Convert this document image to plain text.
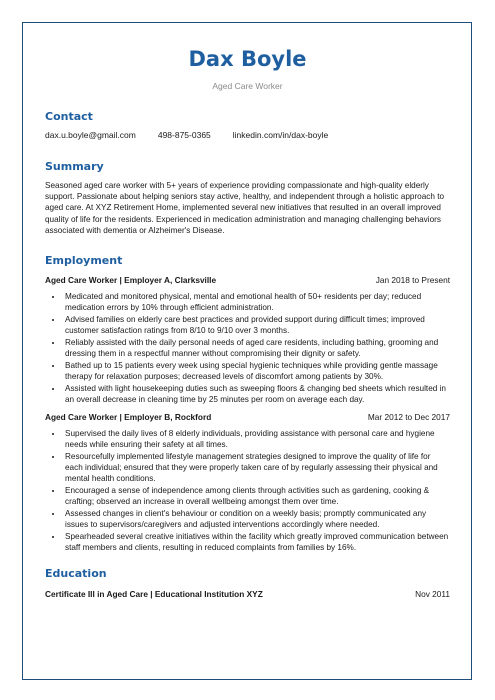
Dax Boyle
Aged Care Worker
Contact
dax.u.boyle@gmail.com	498-875-0365	linkedin.com/in/dax-boyle
Summary
Seasoned aged care worker with 5+ years of experience providing compassionate and high-quality elderly support. Passionate about helping seniors stay active, healthy, and independent through a holistic approach to aged care. At XYZ Retirement Home, implemented several new initiatives that resulted in an overall improved quality of life for the residents. Experienced in medication administration and managing challenging behaviors associated with dementia or Alzheimer's Disease.
Employment
Aged Care Worker | Employer A, Clarksville	Jan 2018 to Present
• Medicated and monitored physical, mental and emotional health of 50+ residents per day; reduced medication errors by 10% through efficient administration.
• Advised families on elderly care best practices and provided support during difficult times; improved customer satisfaction ratings from 8/10 to 9/10 over 3 months.
• Reliably assisted with the daily personal needs of aged care residents, including bathing, grooming and dressing them in a respectful manner without compromising their dignity or safety.
• Bathed up to 15 patients every week using special hygienic techniques while providing gentle massage therapy for relaxation purposes; decreased levels of discomfort among patients by 30%.
• Assisted with light housekeeping duties such as sweeping floors & changing bed sheets which resulted in an overall decrease in cleaning time by 25 minutes per room on average each day.
Aged Care Worker | Employer B, Rockford	Mar 2012 to Dec 2017
• Supervised the daily lives of 8 elderly individuals, providing assistance with personal care and hygiene needs while ensuring their safety at all times.
• Resourcefully implemented lifestyle management strategies designed to improve the quality of life for each individual; ensured that they were properly taken care of by regularly assessing their physical and mental health conditions.
• Encouraged a sense of independence among clients through activities such as gardening, cooking & crafting; observed an increase in overall wellbeing amongst them over time.
• Assessed changes in client's behaviour or condition on a weekly basis; promptly communicated any issues to supervisors/caregivers and adjusted interventions accordingly where needed.
• Spearheaded several creative initiatives within the facility which greatly improved communication between staff members and clients, resulting in reduced complaints from families by 16%.
Education
Certificate III in Aged Care | Educational Institution XYZ	Nov 2011
